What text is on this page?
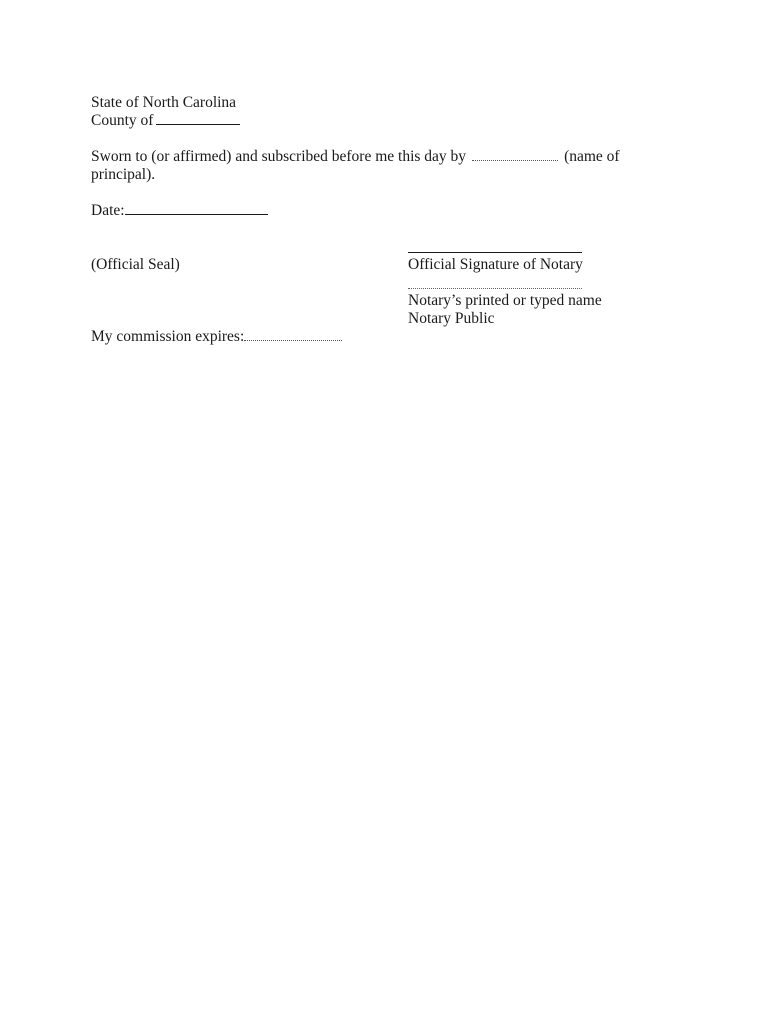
State of North Carolina
County of
Sworn to (or affirmed) and subscribed before me this day by	(name of
principal).
Date:
(Official Seal)	Official Signature of Notary
Notary’s printed or typed name
Notary Public
My commission expires:
